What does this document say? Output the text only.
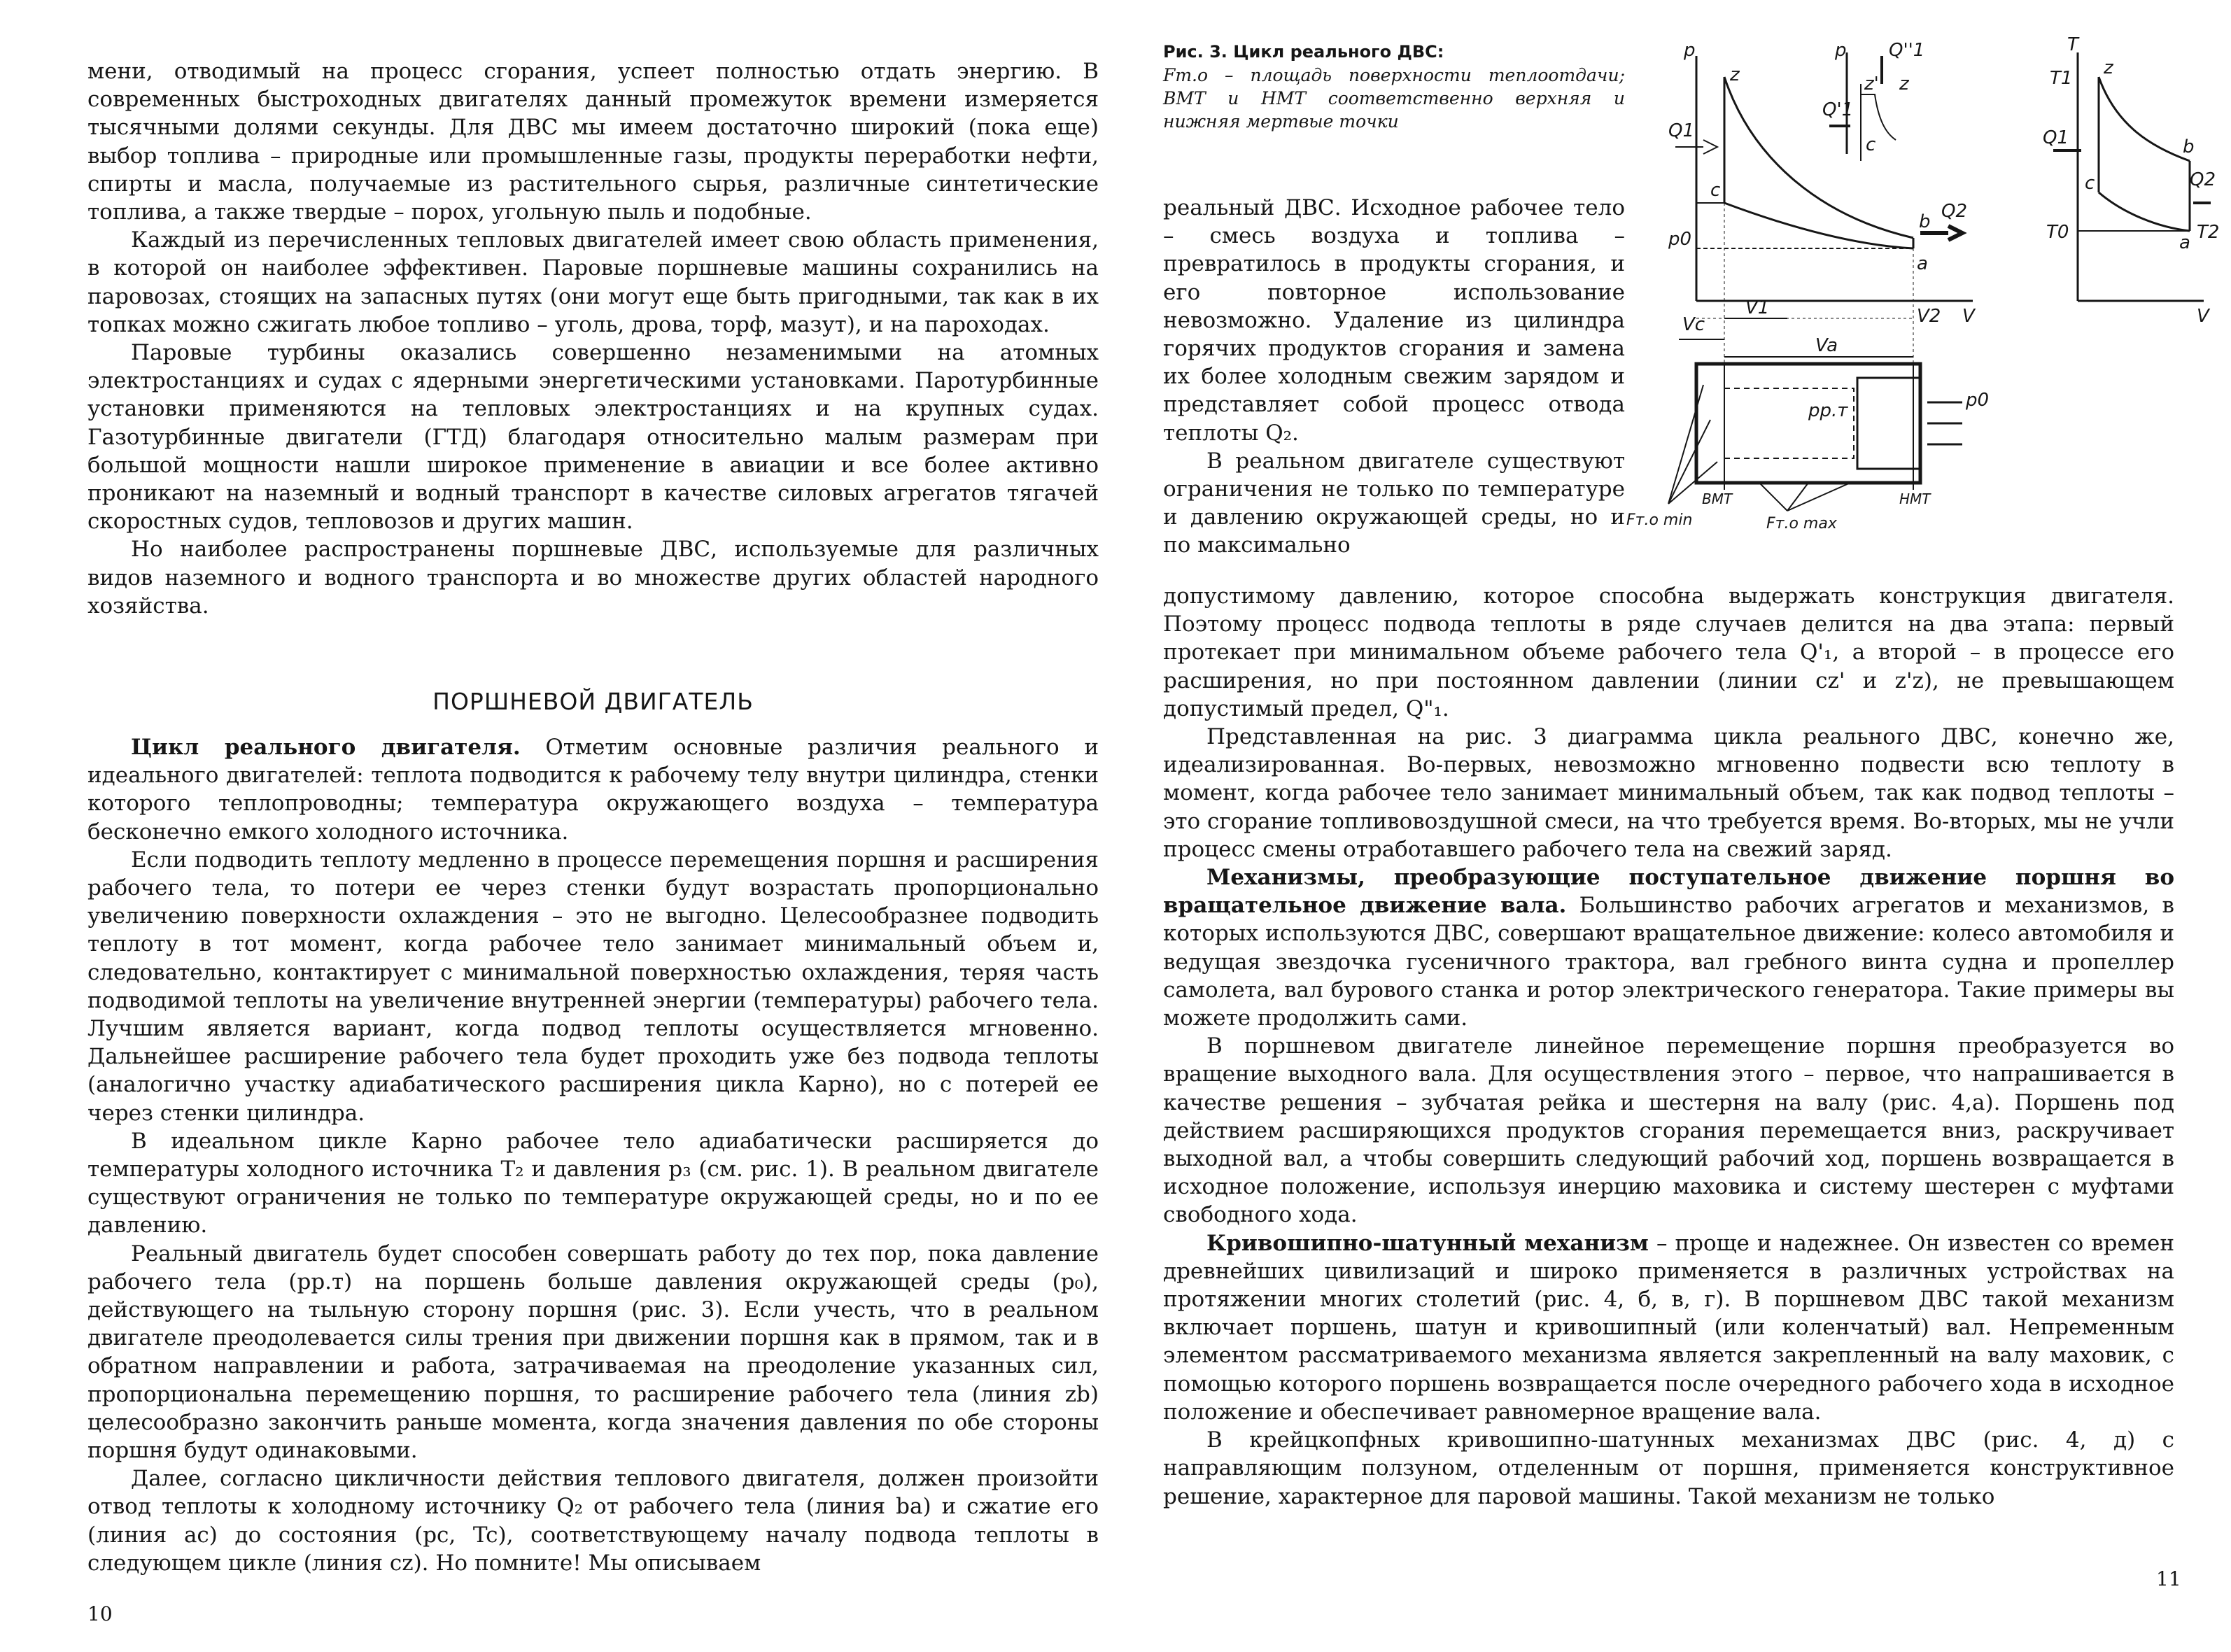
мени, отводимый на процесс сгорания, успеет полностью отдать энергию. В современных быстроходных двигателях данный промежуток времени измеряется тысячными долями секунды. Для ДВС мы имеем достаточно широкий (пока еще) выбор топлива – природные или промышленные газы, продукты переработки нефти, спирты и масла, получаемые из растительного сырья, различные синтетические топлива, а также твердые – порох, угольную пыль и подобные.

Каждый из перечисленных тепловых двигателей имеет свою область применения, в которой он наиболее эффективен. Паровые поршневые машины сохранились на паровозах, стоящих на запасных путях (они могут еще быть пригодными, так как в их топках можно сжигать любое топливо – уголь, дрова, торф, мазут), и на пароходах.

Паровые турбины оказались совершенно незаменимыми на атомных электростанциях и судах с ядерными энергетическими установками. Паротурбинные установки применяются на тепловых электростанциях и на крупных судах. Газотурбинные двигатели (ГТД) благодаря относительно малым размерам при большой мощности нашли широкое применение в авиации и все более активно проникают на наземный и водный транспорт в качестве силовых агрегатов тягачей скоростных судов, тепловозов и других машин.

Но наиболее распространены поршневые ДВС, используемые для различных видов наземного и водного транспорта и во множестве других областей народного хозяйства.

ПОРШНЕВОЙ ДВИГАТЕЛЬ

Цикл реального двигателя. Отметим основные различия реального и идеального двигателей: теплота подводится к рабочему телу внутри цилиндра, стенки которого теплопроводны; температура окружающего воздуха – температура бесконечно емкого холодного источника.

Если подводить теплоту медленно в процессе перемещения поршня и расширения рабочего тела, то потери ее через стенки будут возрастать пропорционально увеличению поверхности охлаждения – это не выгодно. Целесообразнее подводить теплоту в тот момент, когда рабочее тело занимает минимальный объем и, следовательно, контактирует с минимальной поверхностью охлаждения, теряя часть подводимой теплоты на увеличение внутренней энергии (температуры) рабочего тела. Лучшим является вариант, когда подвод теплоты осуществляется мгновенно. Дальнейшее расширение рабочего тела будет проходить уже без подвода теплоты (аналогично участку адиабатического расширения цикла Карно), но с потерей ее через стенки цилиндра.

В идеальном цикле Карно рабочее тело адиабатически расширяется до температуры холодного источника T₂ и давления p₃ (см. рис. 1). В реальном двигателе существуют ограничения не только по температуре окружающей среды, но и по ее давлению.

Реальный двигатель будет способен совершать работу до тех пор, пока давление рабочего тела (pр.т) на поршень больше давления окружающей среды (p₀), действующего на тыльную сторону поршня (рис. 3). Если учесть, что в реальном двигателе преодолевается силы трения при движении поршня как в прямом, так и в обратном направлении и работа, затрачиваемая на преодоление указанных сил, пропорциональна перемещению поршня, то расширение рабочего тела (линия zb) целесообразно закончить раньше момента, когда значения давления по обе стороны поршня будут одинаковыми.

Далее, согласно цикличности действия теплового двигателя, должен произойти отвод теплоты к холодному источнику Q₂ от рабочего тела (линия ba) и сжатие его (линия ac) до состояния (pc, Tc), соответствующему началу подвода теплоты в следующем цикле (линия cz). Но помните! Мы описываем

10
Рис. 3. Цикл реального ДВС:
Fт.о – площадь поверхности теплоотдачи; ВМТ и НМТ соответственно верхняя и нижняя мертвые точки
p
z
Q1
c
b Q2
p0
a
V
Vc
V1
Va
V2
p
Q'1
Q''1
z' z
c
T
T1 z
Q1	b
Q2
c
T0	a T2
V
pр.т	p0
ВМТ	НМТ
Fт.о min	Fт.о max

реальный ДВС. Исходное рабочее тело – смесь воздуха и топлива – превратилось в продукты сгорания, и его повторное использование невозможно. Удаление из цилиндра горячих продуктов сгорания и замена их более холодным свежим зарядом и представляет собой процесс отвода теплоты Q₂.

В реальном двигателе существуют ограничения не только по температуре и давлению окружающей среды, но и по максимально

допустимому давлению, которое способна выдержать конструкция двигателя. Поэтому процесс подвода теплоты в ряде случаев делится на два этапа: первый протекает при минимальном объеме рабочего тела Q'₁, а второй – в процессе его расширения, но при постоянном давлении (линии cz' и z'z), не превышающем допустимый предел, Q"₁.

Представленная на рис. 3 диаграмма цикла реального ДВС, конечно же, идеализированная. Во-первых, невозможно мгновенно подвести всю теплоту в момент, когда рабочее тело занимает минимальный объем, так как подвод теплоты – это сгорание топливовоздушной смеси, на что требуется время. Во-вторых, мы не учли процесс смены отработавшего рабочего тела на свежий заряд.

Механизмы, преобразующие поступательное движение поршня во вращательное движение вала. Большинство рабочих агрегатов и механизмов, в которых используются ДВС, совершают вращательное движение: колесо автомобиля и ведущая звездочка гусеничного трактора, вал гребного винта судна и пропеллер самолета, вал бурового станка и ротор электрического генератора. Такие примеры вы можете продолжить сами.

В поршневом двигателе линейное перемещение поршня преобразуется во вращение выходного вала. Для осуществления этого – первое, что напрашивается в качестве решения – зубчатая рейка и шестерня на валу (рис. 4,а). Поршень под действием расширяющихся продуктов сгорания перемещается вниз, раскручивает выходной вал, а чтобы совершить следующий рабочий ход, поршень возвращается в исходное положение, используя инерцию маховика и систему шестерен с муфтами свободного хода.

Кривошипно-шатунный механизм – проще и надежнее. Он известен со времен древнейших цивилизаций и широко применяется в различных устройствах на протяжении многих столетий (рис. 4, б, в, г). В поршневом ДВС такой механизм включает поршень, шатун и кривошипный (или коленчатый) вал. Непременным элементом рассматриваемого механизма является закрепленный на валу маховик, с помощью которого поршень возвращается после очередного рабочего хода в исходное положение и обеспечивает равномерное вращение вала.

В крейцкопфных кривошипно-шатунных механизмах ДВС (рис. 4, д) с направляющим ползуном, отделенным от поршня, применяется конструктивное решение, характерное для паровой машины. Такой механизм не только

11
